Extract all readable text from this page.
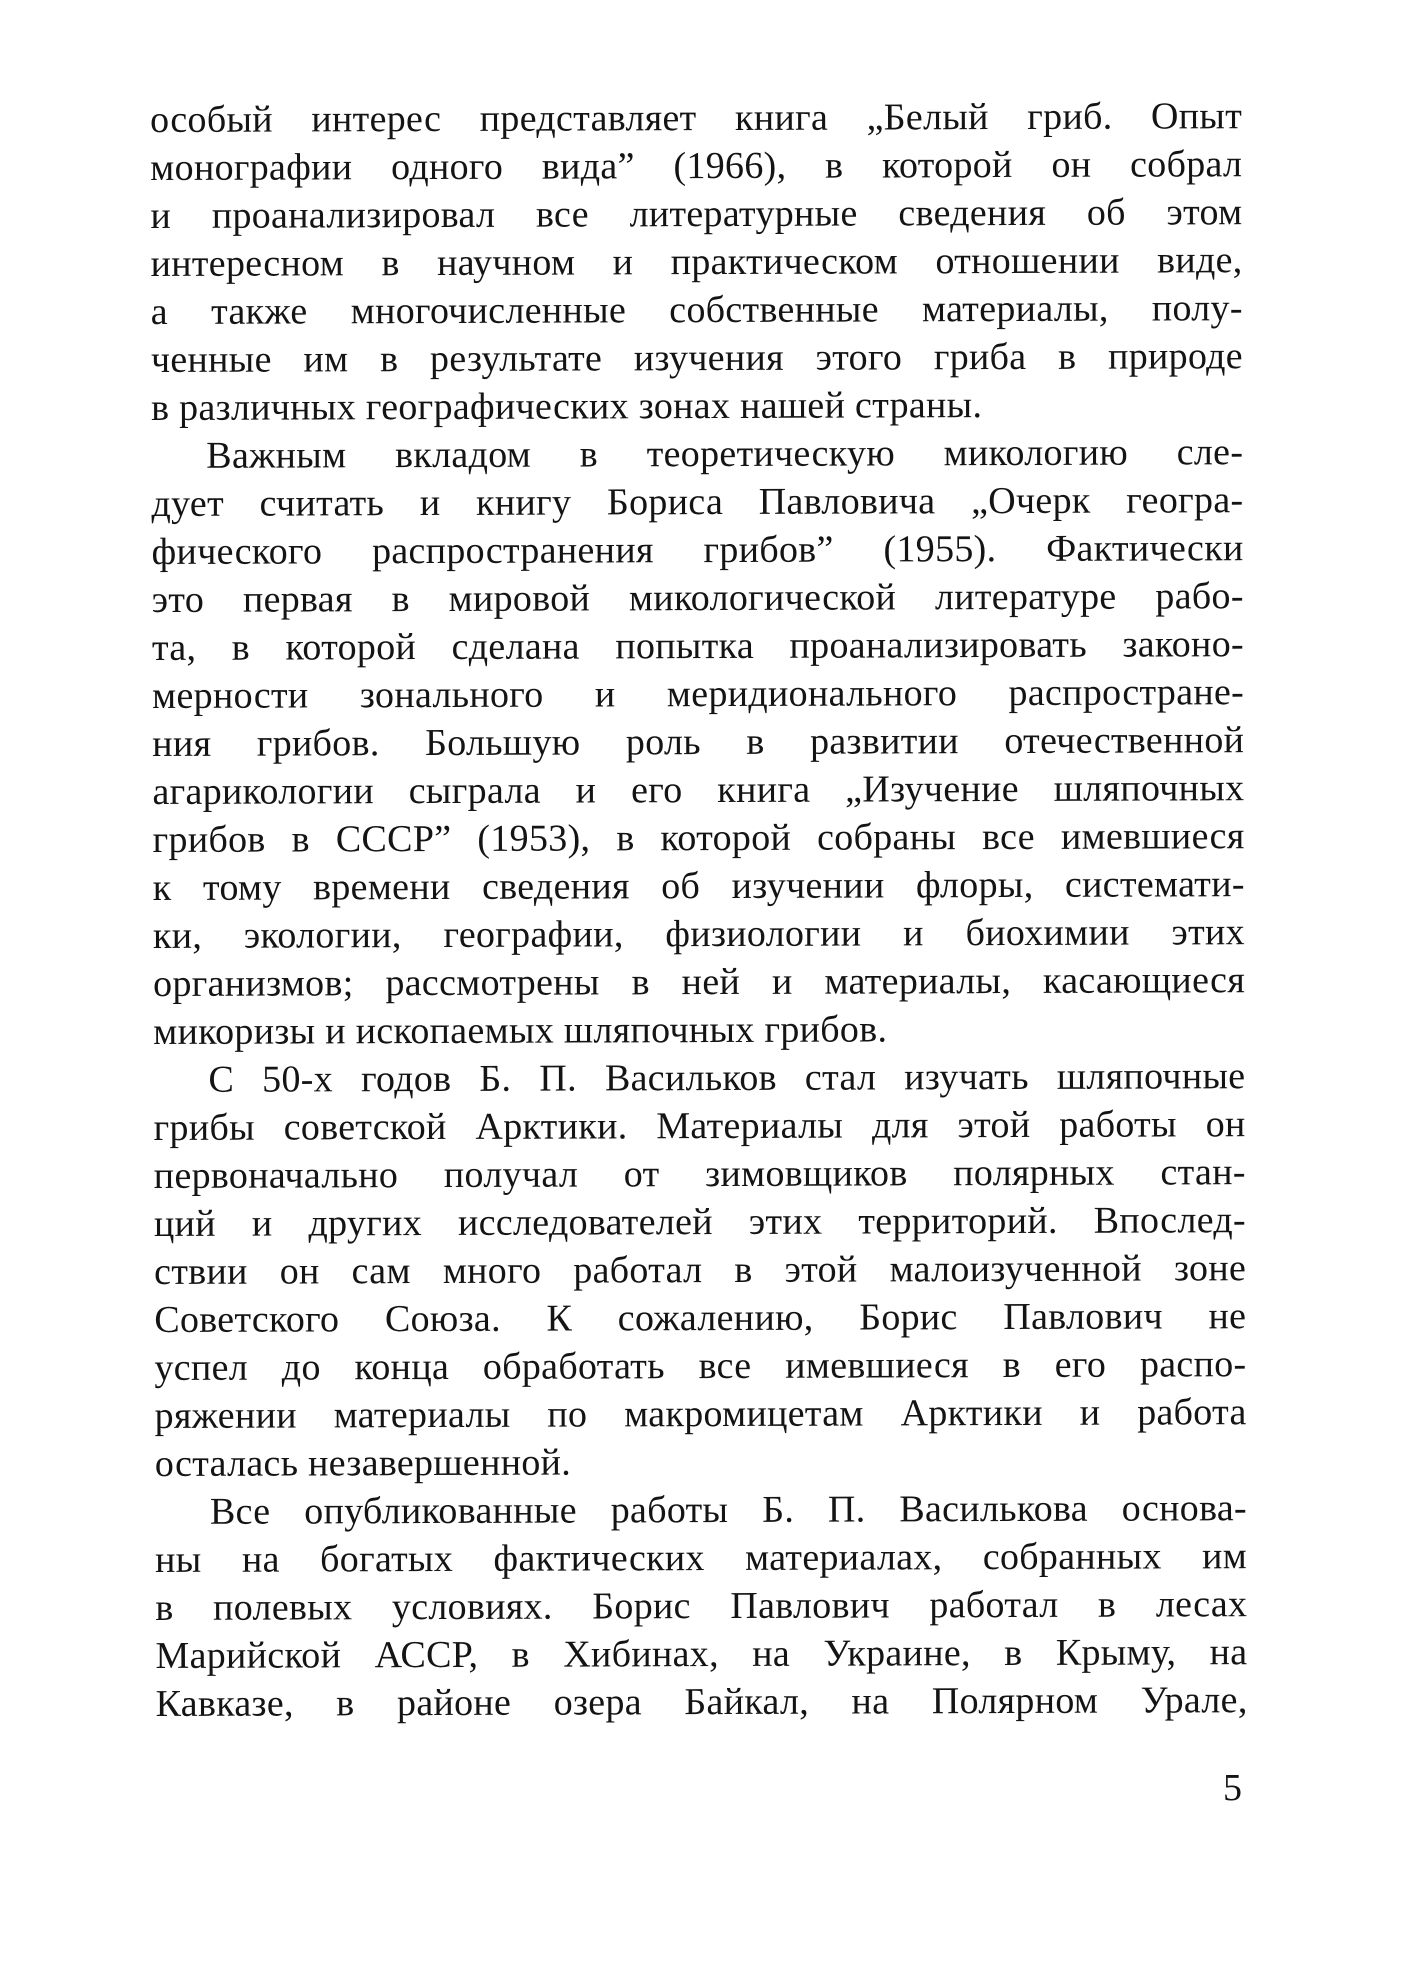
особый интерес представляет книга „Белый гриб. Опыт
монографии одного вида” (1966), в которой он собрал
и проанализировал все литературные сведения об этом
интересном в научном и практическом отношении виде,
а также многочисленные собственные материалы, полу-
ченные им в результате изучения этого гриба в природе
в различных географических зонах нашей страны.
Важным вкладом в теоретическую микологию сле-
дует считать и книгу Бориса Павловича „Очерк геогра-
фического распространения грибов” (1955). Фактически
это первая в мировой микологической литературе рабо-
та, в которой сделана попытка проанализировать законо-
мерности зонального и меридионального распростране-
ния грибов. Большую роль в развитии отечественной
агарикологии сыграла и его книга „Изучение шляпочных
грибов в СССР” (1953), в которой собраны все имевшиеся
к тому времени сведения об изучении флоры, системати-
ки, экологии, географии, физиологии и биохимии этих
организмов; рассмотрены в ней и материалы, касающиеся
микоризы и ископаемых шляпочных грибов.
С 50-х годов Б. П. Васильков стал изучать шляпочные
грибы советской Арктики. Материалы для этой работы он
первоначально получал от зимовщиков полярных стан-
ций и других исследователей этих территорий. Впослед-
ствии он сам много работал в этой малоизученной зоне
Советского Союза. К сожалению, Борис Павлович не
успел до конца обработать все имевшиеся в его распо-
ряжении материалы по макромицетам Арктики и работа
осталась незавершенной.
Все опубликованные работы Б. П. Василькова основа-
ны на богатых фактических материалах, собранных им
в полевых условиях. Борис Павлович работал в лесах
Марийской АССР, в Хибинах, на Украине, в Крыму, на
Кавказе, в районе озера Байкал, на Полярном Урале,
5
